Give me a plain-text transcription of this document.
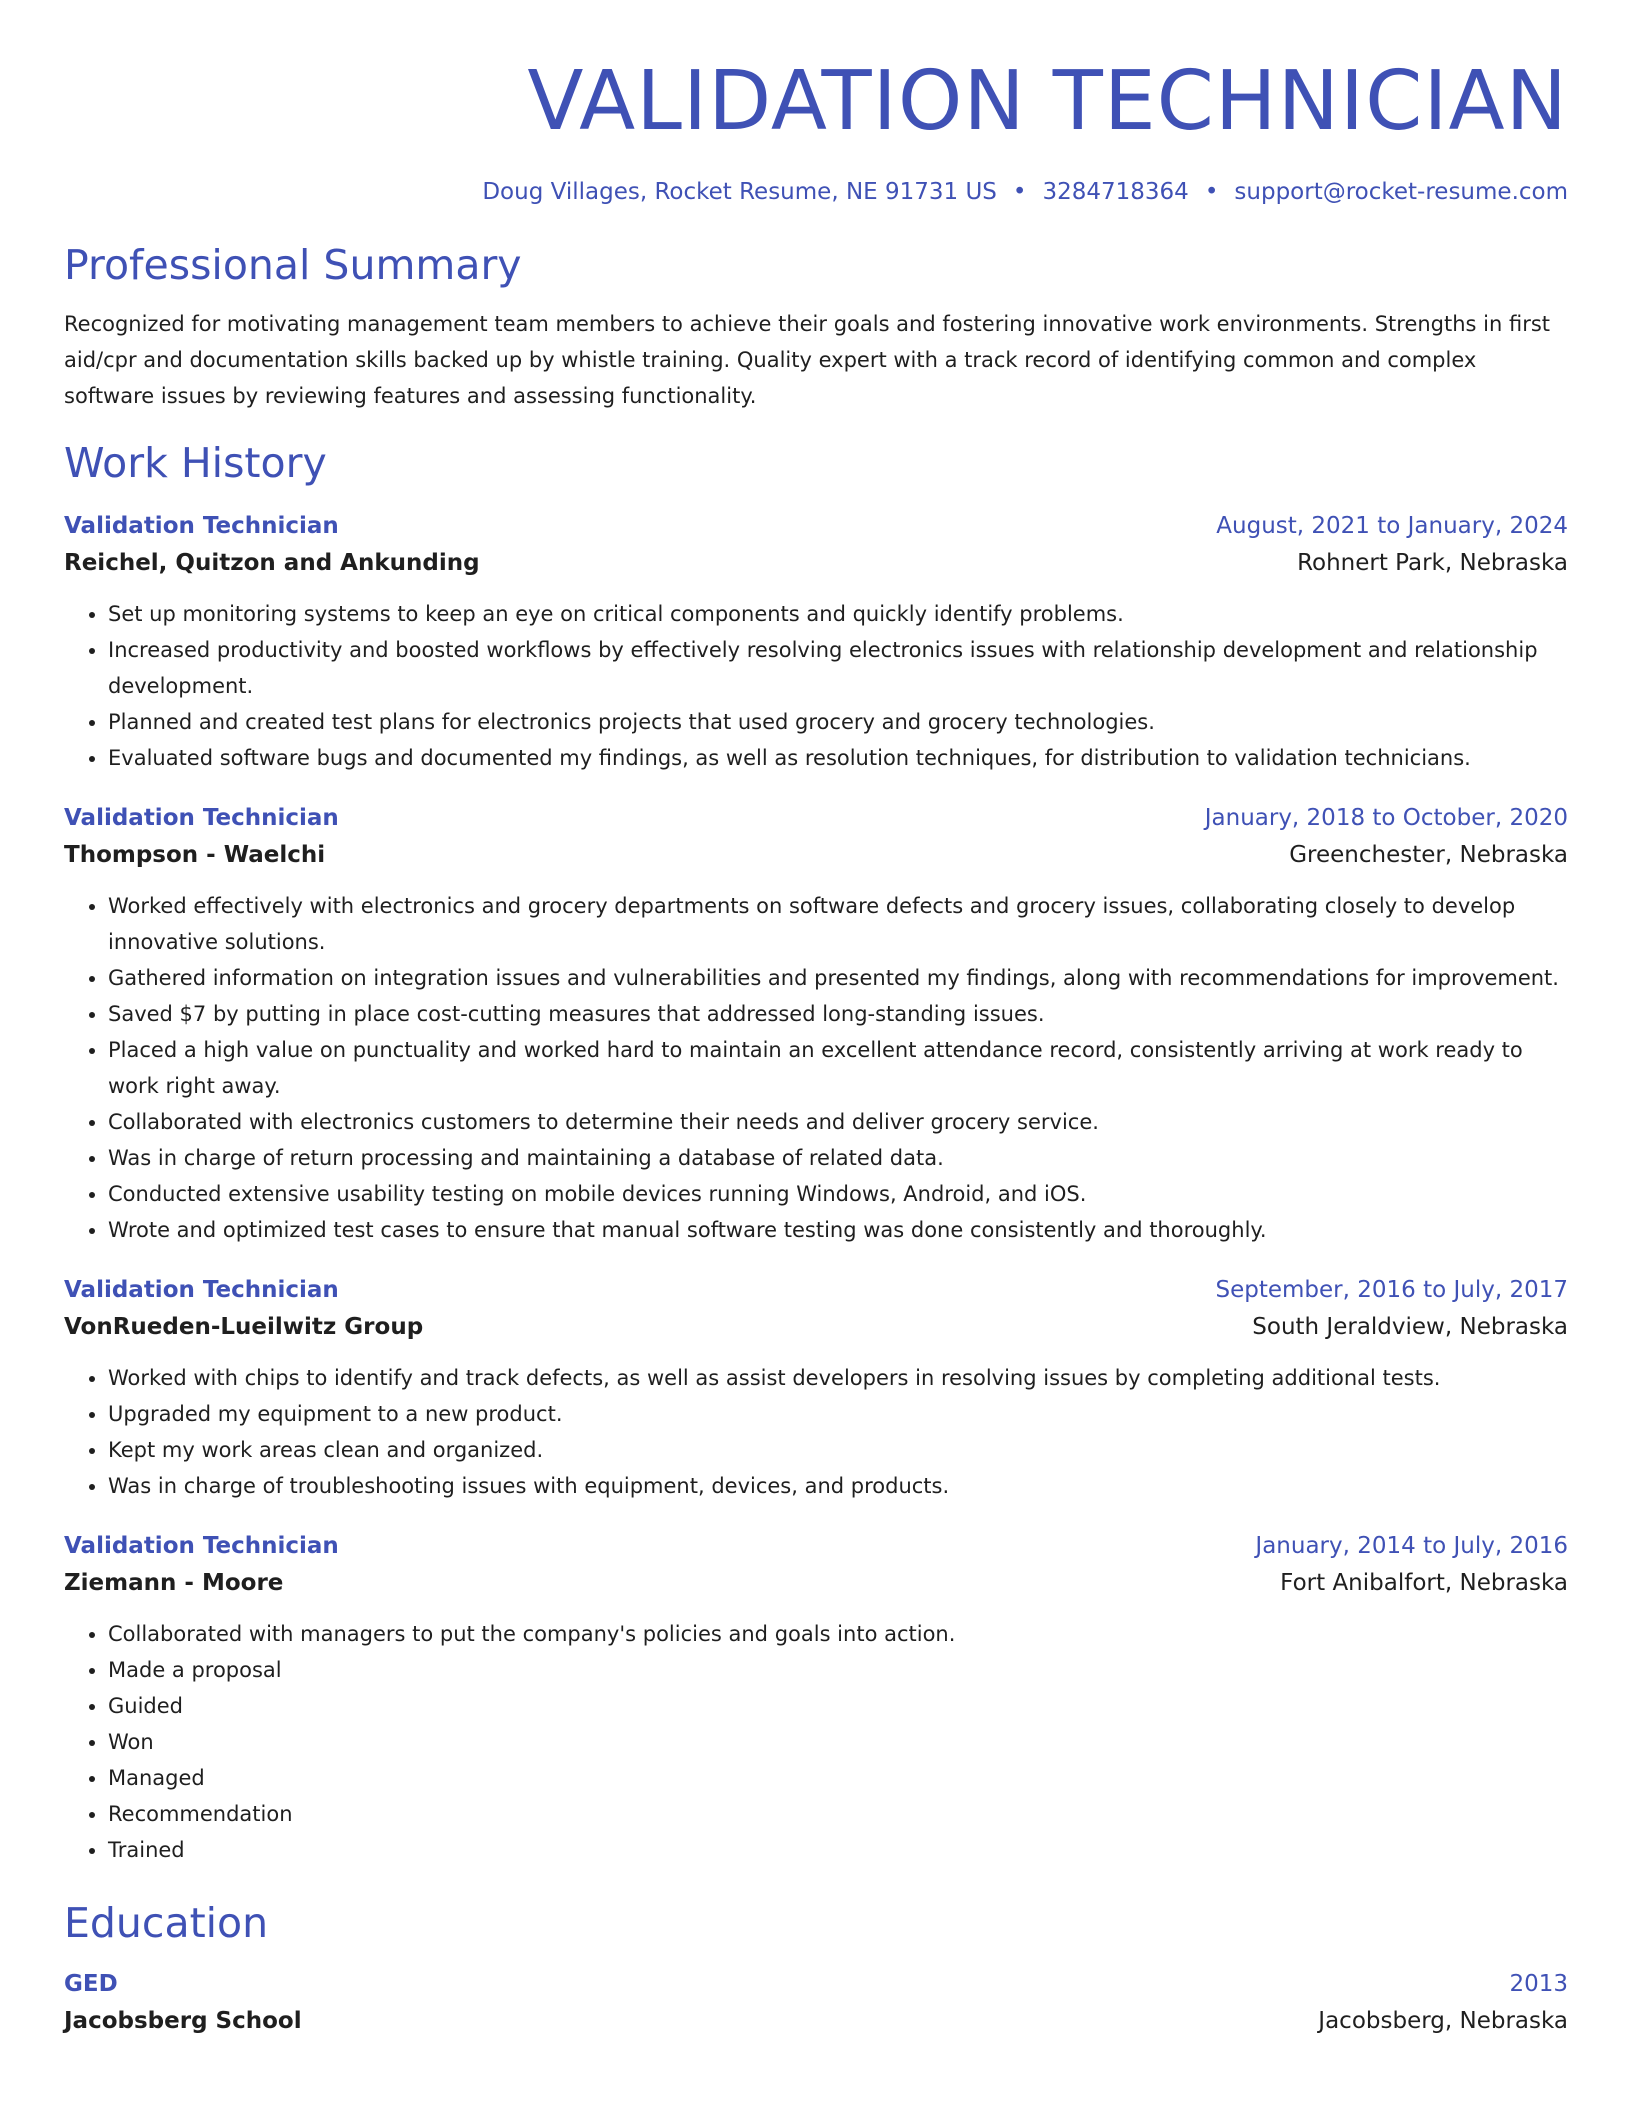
VALIDATION TECHNICIAN
Doug Villages, Rocket Resume, NE 91731 US • 3284718364 • support@rocket-resume.com
Professional Summary
Recognized for motivating management team members to achieve their goals and fostering innovative work environments. Strengths in first aid/cpr and documentation skills backed up by whistle training. Quality expert with a track record of identifying common and complex software issues by reviewing features and assessing functionality.
Work History
Validation Technician	August, 2021 to January, 2024
Reichel, Quitzon and Ankunding	Rohnert Park, Nebraska
• Set up monitoring systems to keep an eye on critical components and quickly identify problems.
• Increased productivity and boosted workflows by effectively resolving electronics issues with relationship development and relationship development.
• Planned and created test plans for electronics projects that used grocery and grocery technologies.
• Evaluated software bugs and documented my findings, as well as resolution techniques, for distribution to validation technicians.
Validation Technician	January, 2018 to October, 2020
Thompson - Waelchi	Greenchester, Nebraska
• Worked effectively with electronics and grocery departments on software defects and grocery issues, collaborating closely to develop innovative solutions.
• Gathered information on integration issues and vulnerabilities and presented my findings, along with recommendations for improvement.
• Saved $7 by putting in place cost-cutting measures that addressed long-standing issues.
• Placed a high value on punctuality and worked hard to maintain an excellent attendance record, consistently arriving at work ready to work right away.
• Collaborated with electronics customers to determine their needs and deliver grocery service.
• Was in charge of return processing and maintaining a database of related data.
• Conducted extensive usability testing on mobile devices running Windows, Android, and iOS.
• Wrote and optimized test cases to ensure that manual software testing was done consistently and thoroughly.
Validation Technician	September, 2016 to July, 2017
VonRueden-Lueilwitz Group	South Jeraldview, Nebraska
• Worked with chips to identify and track defects, as well as assist developers in resolving issues by completing additional tests.
• Upgraded my equipment to a new product.
• Kept my work areas clean and organized.
• Was in charge of troubleshooting issues with equipment, devices, and products.
Validation Technician	January, 2014 to July, 2016
Ziemann - Moore	Fort Anibalfort, Nebraska
• Collaborated with managers to put the company's policies and goals into action.
• Made a proposal
• Guided
• Won
• Managed
• Recommendation
• Trained
Education
GED	2013
Jacobsberg School	Jacobsberg, Nebraska
